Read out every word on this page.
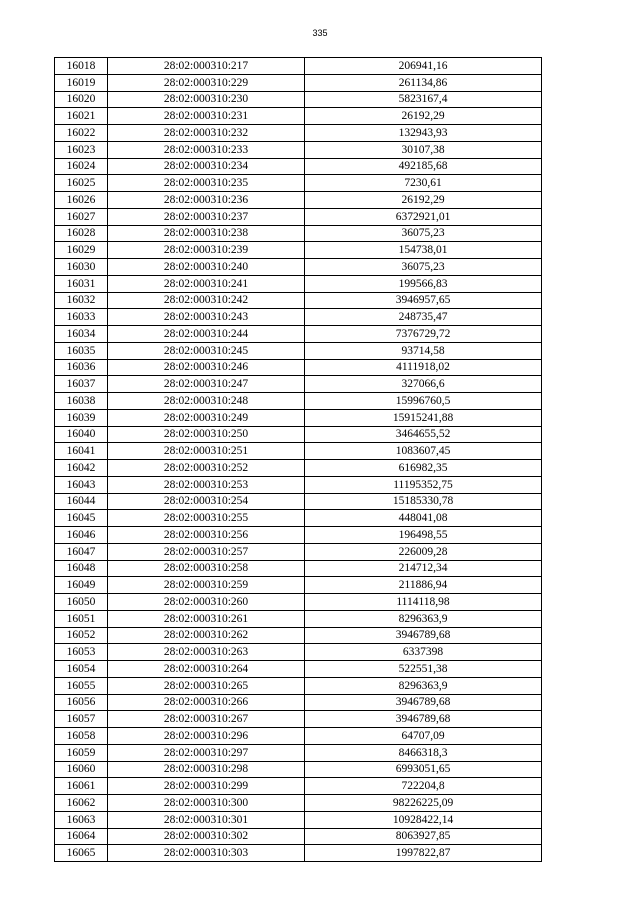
335
16018	28:02:000310:217	206941,16
16019	28:02:000310:229	261134,86
16020	28:02:000310:230	5823167,4
16021	28:02:000310:231	26192,29
16022	28:02:000310:232	132943,93
16023	28:02:000310:233	30107,38
16024	28:02:000310:234	492185,68
16025	28:02:000310:235	7230,61
16026	28:02:000310:236	26192,29
16027	28:02:000310:237	6372921,01
16028	28:02:000310:238	36075,23
16029	28:02:000310:239	154738,01
16030	28:02:000310:240	36075,23
16031	28:02:000310:241	199566,83
16032	28:02:000310:242	3946957,65
16033	28:02:000310:243	248735,47
16034	28:02:000310:244	7376729,72
16035	28:02:000310:245	93714,58
16036	28:02:000310:246	4111918,02
16037	28:02:000310:247	327066,6
16038	28:02:000310:248	15996760,5
16039	28:02:000310:249	15915241,88
16040	28:02:000310:250	3464655,52
16041	28:02:000310:251	1083607,45
16042	28:02:000310:252	616982,35
16043	28:02:000310:253	11195352,75
16044	28:02:000310:254	15185330,78
16045	28:02:000310:255	448041,08
16046	28:02:000310:256	196498,55
16047	28:02:000310:257	226009,28
16048	28:02:000310:258	214712,34
16049	28:02:000310:259	211886,94
16050	28:02:000310:260	1114118,98
16051	28:02:000310:261	8296363,9
16052	28:02:000310:262	3946789,68
16053	28:02:000310:263	6337398
16054	28:02:000310:264	522551,38
16055	28:02:000310:265	8296363,9
16056	28:02:000310:266	3946789,68
16057	28:02:000310:267	3946789,68
16058	28:02:000310:296	64707,09
16059	28:02:000310:297	8466318,3
16060	28:02:000310:298	6993051,65
16061	28:02:000310:299	722204,8
16062	28:02:000310:300	98226225,09
16063	28:02:000310:301	10928422,14
16064	28:02:000310:302	8063927,85
16065	28:02:000310:303	1997822,87
